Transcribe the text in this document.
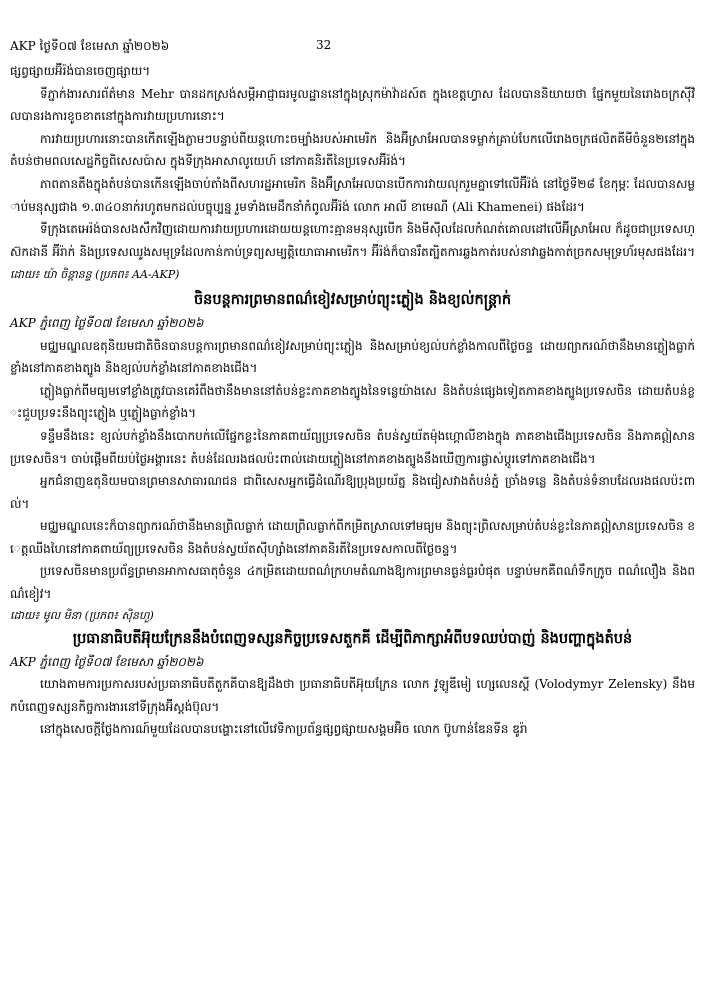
AKP ថ្ងៃទី០៧ ខែមេសា ឆ្នាំ២០២៦	32

ផ្សព្វផ្សាយអ៊ីរ៉ង់បានចេញផ្សាយ។

ទីភ្នាក់ងារសារព័ត៌មាន Mehr បានដកស្រង់សម្ដីអាជ្ញាធរមូលដ្ឋាននៅក្នុងស្រុកម៉ាវ៉ាដស៍ត ក្នុងខេត្តហ្វាស ដែលបាននិយាយថា ផ្នែកមួយនៃរោងចក្រស៊ីវិលបានរងការខូចខាតនៅក្នុងការវាយប្រហារនោះ។

ការវាយប្រហារនោះបានកើតឡើងភ្លាមៗបន្ទាប់ពីយន្តហោះចម្បាំងរបស់អាមេរិក និងអ៊ីស្រាអែលបានទម្លាក់គ្រាប់បែកលើរោងចក្រផលិតគីមីចំនួន២នៅក្នុងតំបន់ថាមពលសេដ្ឋកិច្ចពិសេសប៉ាស ក្នុងទីក្រុងអាសាលូយេហ៍ នៅភាគនិរតីនៃប្រទេសអ៊ីរ៉ង់។

ភាពតានតឹងក្នុងតំបន់បានកើនឡើងចាប់តាំងពីសហរដ្ឋអាមេរិក និងអ៊ីស្រាអែលបានបើកការវាយលុករួមគ្នាទៅលើអ៊ីរ៉ង់ នៅថ្ងៃទី២៨ ខែកុម្ភៈ ដែលបានសម្លាប់មនុស្សជាង ១.៣៤០នាក់រហូតមកដល់បច្ចុប្បន្ន រួមទាំងមេដឹកនាំកំពូលអ៊ីរ៉ង់ លោក អាលី ខាមេណី (Ali Khamenei) ផងដែរ។

ទីក្រុងតេអេរ៉ង់បានសងសឹកវិញដោយការវាយប្រហារដោយយន្តហោះគ្មានមនុស្សបើក និងមីស៊ីលដែលកំណត់គោលដៅលើអ៊ីស្រាអែល ក៏ដូចជាប្រទេសហ្ស៊កដានី អ៊ីរ៉ាក់ និងប្រទេសឈូងសមុទ្រដែលកាន់កាប់ទ្រព្យសម្បត្តិយោធាអាមេរិក។ អ៊ីរ៉ង់ក៏បានរឹតត្បិតការឆ្លងកាត់របស់នាវាឆ្លងកាត់ច្រកសមុទ្រហ័រមុសផងដែរ។ ដោយ៖ យ៉ា ចិន្តានន្ទ (ប្រភព៖ AA-AKP)

ចិនបន្តការព្រមានពណ៌ខៀវសម្រាប់ព្យុះភ្លៀង និងខ្យល់កន្ត្រាក់

AKP ភ្នំពេញ ថ្ងៃទី០៧ ខែមេសា ឆ្នាំ២០២៦

មជ្ឈមណ្ឌលឧតុនិយមជាតិចិនបានបន្តការព្រមានពណ៌ខៀវសម្រាប់ព្យុះភ្លៀង និងសម្រាប់ខ្យល់បក់ខ្លាំងកាលពីថ្ងៃចន្ទ ដោយព្យាករណ៍ថានឹងមានភ្លៀងធ្លាក់ខ្លាំងនៅភាគខាងត្បូង និងខ្យល់បក់ខ្លាំងនៅភាគខាងជើង។

ភ្លៀងធ្លាក់ពីមធ្យមទៅខ្លាំងត្រូវបានគេរំពឹងថានឹងមាននៅតំបន់ខ្លះភាគខាងត្បូងនៃទន្លេយ៉ាងសេ និងតំបន់ផ្សេងទៀតភាគខាងត្បូងប្រទេសចិន ដោយតំបន់ខ្លះជួបប្រទះនឹងព្យុះភ្លៀង ឬភ្លៀងធ្លាក់ខ្លាំង។

ទន្ទឹមនឹងនេះ ខ្យល់បក់ខ្លាំងនឹងបោកបក់លើផ្នែកខ្លះនៃភាគពាយ័ព្យប្រទេសចិន តំបន់ស្វយ័តម៉ុងហ្គោលីខាងក្នុង ភាគខាងជើងប្រទេសចិន និងភាគឦសានប្រទេសចិន។ ចាប់ផ្ដើមពីយប់ថ្ងៃអង្គារនេះ តំបន់ដែលរងផលប៉ះពាល់ដោយភ្លៀងនៅភាគខាងត្បូងនឹងឃើញការផ្លាស់ប្ដូរទៅភាគខាងជើង។

អ្នកជំនាញឧតុនិយមបានព្រមានសាធារណជន ជាពិសេសអ្នកធ្វើដំណើរឱ្យប្រុងប្រយ័ត្ន និងជៀសវាងតំបន់ភ្នំ ច្រាំងទន្លេ និងតំបន់ទំនាបដែលរងផលប៉ះពាល់។

មជ្ឈមណ្ឌលនេះក៏បានព្យាករណ៍ថានឹងមានព្រិលធ្លាក់ ដោយព្រិលធ្លាក់ពីកម្រិតស្រាលទៅមធ្យម និងព្យុះព្រិលសម្រាប់តំបន់ខ្លះនៃភាគឦសានប្រទេសចិន ខេត្តឈីងហៃនៅភាគពាយ័ព្យប្រទេសចិន និងតំបន់ស្វយ័តស៊ីហ្សាំងនៅភាគនិរតីនៃប្រទេសកាលពីថ្ងៃចន្ទ។

ប្រទេសចិនមានប្រព័ន្ធព្រមានអាកាសធាតុចំនួន ៤កម្រិតដោយពណ៌ក្រហមតំណាងឱ្យការព្រមានធ្ងន់ធ្ងរបំផុត បន្ទាប់មកគឺពណ៌ទឹកក្រូច ពណ៌លឿង និងពណ៌ខៀវ។

ដោយ៖ មូល មិនា (ប្រភព៖ ស៊ិនហួ)

ប្រធានាធិបតីអ៊ុយក្រែននឹងបំពេញទស្សនកិច្ចប្រទេសតួកគី ដើម្បីពិភាក្សាអំពីបទឈប់បាញ់ និងបញ្ហាក្នុងតំបន់

AKP ភ្នំពេញ ថ្ងៃទី០៧ ខែមេសា ឆ្នាំ២០២៦

យោងតាមការប្រកាសរបស់ប្រធានាធិបតីតួកគីបានឱ្យដឹងថា ប្រធានាធិបតីអ៊ុយក្រែន លោក វូឡូឌីមៀ ហ្សេលេនស្គី (Volodymyr Zelensky) នឹងមកបំពេញទស្សនកិច្ចការងារនៅទីក្រុងអ៊ីស្តង់ប៊ុល។

នៅក្នុងសេចក្ដីថ្លែងការណ៍មួយដែលបានបង្ហោះនៅលើវេទិកាប្រព័ន្ធផ្សព្វផ្សាយសង្គមអ៊ិច លោក ប៊ូហាន់ឌែនទីន ឌូរ៉ា
